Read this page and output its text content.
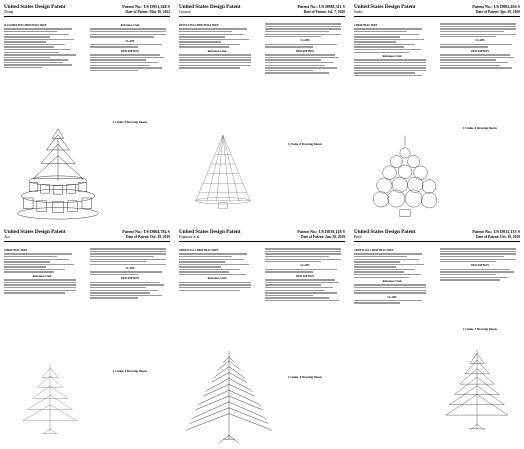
United States Design Patent
Zhang
Patent No.: US D951,348 S
Date of Patent: May 10, 2022
ILLUMINATED CHRISTMAS TREE	References Cited
CLAIM
DESCRIPTION
1 Claim, 9 Drawing Sheets
United States Design Patent
Custead
Patent No.: US D889,311 S
Date of Patent: Jul. 7, 2020
REVOLVING CHRISTMAS TREE
References Cited
CLAIM
DESCRIPTION
1 Claim, 8 Drawing Sheets
United States Design Patent
Saoke
Patent No.: US D882,456 S
Date of Patent: Apr. 28, 2020
CHRISTMAS TREE
References Cited
CLAIM
DESCRIPTION
1 Claim, 6 Drawing Sheets
United States Design Patent
Ayo
Patent No.: US D864,784 S
Date of Patent: Oct. 29, 2019
CHRISTMAS TREE
References Cited
CLAIM
DESCRIPTION
1 Claim, 8 Drawing Sheets
United States Design Patent
Espinoza et al.
Patent No.: US D839,128 S
Date of Patent: Jan. 29, 2019
ARTIFICIAL CHRISTMAS TREE
References Cited
CLAIM
DESCRIPTION
1 Claim, 8 Drawing Sheets
United States Design Patent
Bach
Patent No.: US D832,133 S
Date of Patent: Oct. 30, 2018
ARTIFICIAL CHRISTMAS TREE
References Cited
CLAIM
DESCRIPTION
1 Claim, 2 Drawing Sheets
